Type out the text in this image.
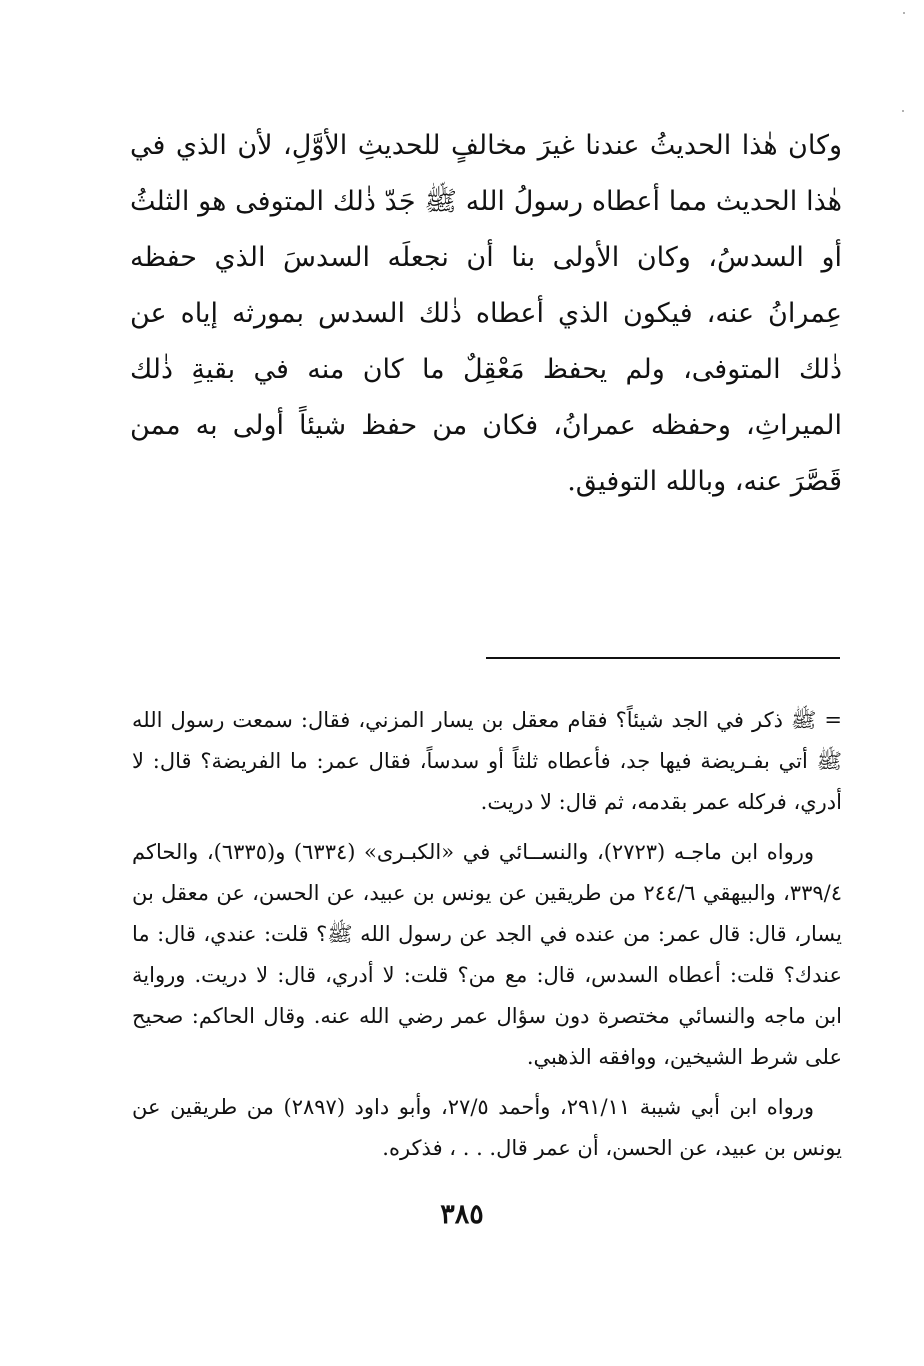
وكان هٰذا الحديثُ عندنا غيرَ مخالفٍ للحديثِ الأوَّلِ، لأن الذي في هٰذا الحديث مما أعطاه رسولُ الله ﷺ جَدّ ذٰلك المتوفى هو الثلثُ أو السدسُ، وكان الأولى بنا أن نجعلَه السدسَ الذي حفظه عِمرانُ عنه، فيكون الذي أعطاه ذٰلك السدس بمورثه إياه عن ذٰلك المتوفى، ولم يحفظ مَعْقِلٌ ما كان منه في بقيةِ ذٰلك الميراثِ، وحفظه عمرانُ، فكان من حفظ شيئاً أولى به ممن قَصَّرَ عنه، وبالله التوفيق.

= ﷺ ذكر في الجد شيئاً؟ فقام معقل بن يسار المزني، فقال: سمعت رسول الله ﷺ أتي بفـريضة فيها جد، فأعطاه ثلثاً أو سدساً، فقال عمر: ما الفريضة؟ قال: لا أدري، فركله عمر بقدمه، ثم قال: لا دريت.

ورواه ابن ماجـه (٢٧٢٣)، والنســائي في «الكبـرى» (٦٣٣٤) و(٦٣٣٥)، والحاكم ٣٣٩/٤، والبيهقي ٢٤٤/٦ من طريقين عن يونس بن عبيد، عن الحسن، عن معقل بن يسار، قال: قال عمر: من عنده في الجد عن رسول الله ﷺ؟ قلت: عندي، قال: ما عندك؟ قلت: أعطاه السدس، قال: مع من؟ قلت: لا أدري، قال: لا دريت. ورواية ابن ماجه والنسائي مختصرة دون سؤال عمر رضي الله عنه. وقال الحاكم: صحيح على شرط الشيخين، ووافقه الذهبي.

ورواه ابن أبي شيبة ٢٩١/١١، وأحمد ٢٧/٥، وأبو داود (٢٨٩٧) من طريقين عن يونس بن عبيد، عن الحسن، أن عمر قال. . . ، فذكره.

٣٨٥
